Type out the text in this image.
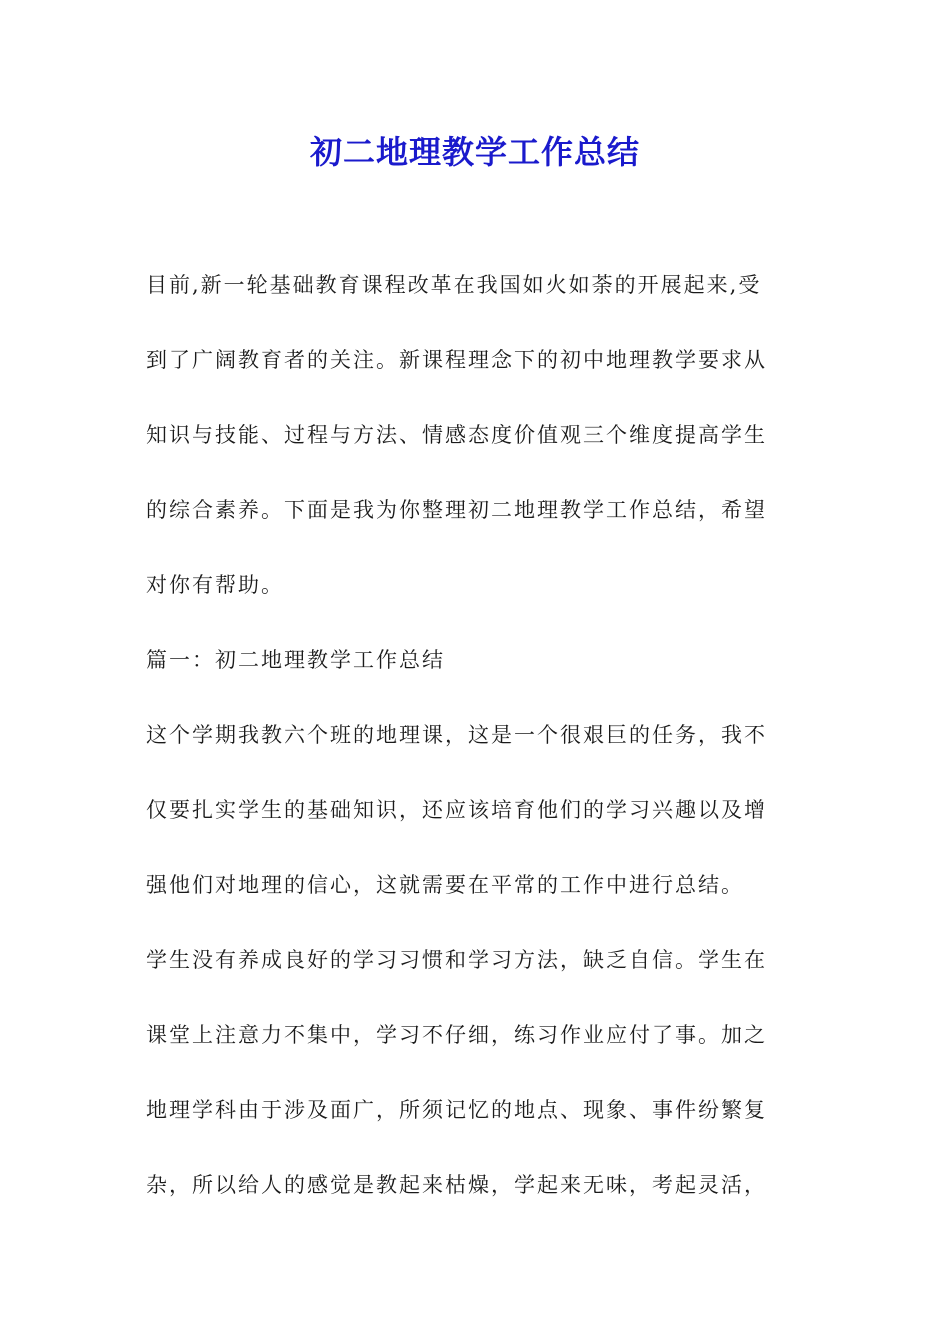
初二地理教学工作总结
目前,新一轮基础教育课程改革在我国如火如荼的开展起来,受
到了广阔教育者的关注。新课程理念下的初中地理教学要求从
知识与技能、过程与方法、情感态度价值观三个维度提高学生
的综合素养。下面是我为你整理初二地理教学工作总结，希望
对你有帮助。
篇一：初二地理教学工作总结
这个学期我教六个班的地理课，这是一个很艰巨的任务，我不
仅要扎实学生的基础知识，还应该培育他们的学习兴趣以及增
强他们对地理的信心，这就需要在平常的工作中进行总结。
学生没有养成良好的学习习惯和学习方法，缺乏自信。学生在
课堂上注意力不集中，学习不仔细，练习作业应付了事。加之
地理学科由于涉及面广，所须记忆的地点、现象、事件纷繁复
杂，所以给人的感觉是教起来枯燥，学起来无味，考起灵活，
